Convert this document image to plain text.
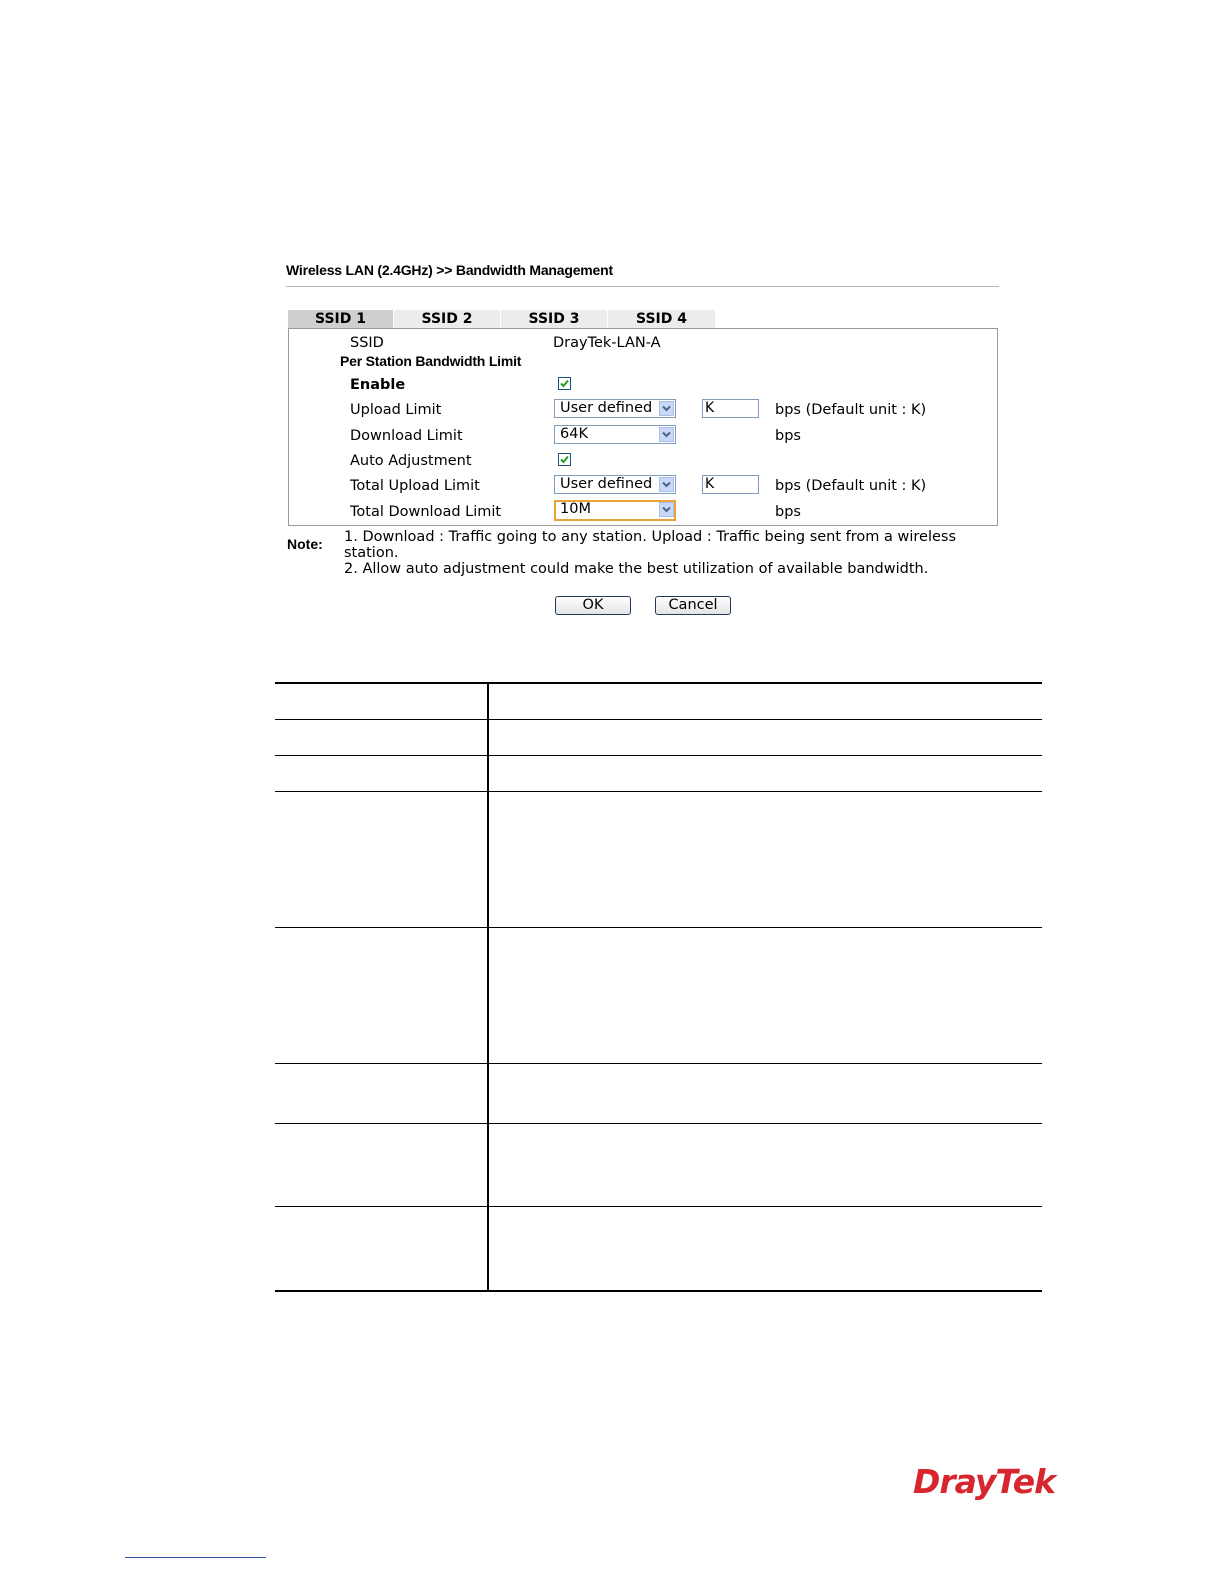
Wireless LAN (2.4GHz) >> Bandwidth Management
SSID 1	SSID 2	SSID 3	SSID 4
SSID	DrayTek-LAN-A
Per Station Bandwidth Limit
Enable
Upload Limit	User defined	K	bps (Default unit : K)
Download Limit	64K	bps
Auto Adjustment
Total Upload Limit	User defined	K	bps (Default unit : K)
Total Download Limit	10M	bps
Note: 1. Download : Traffic going to any station. Upload : Traffic being sent from a wireless
station.
2. Allow auto adjustment could make the best utilization of available bandwidth.
OK	Cancel
DrayTek
